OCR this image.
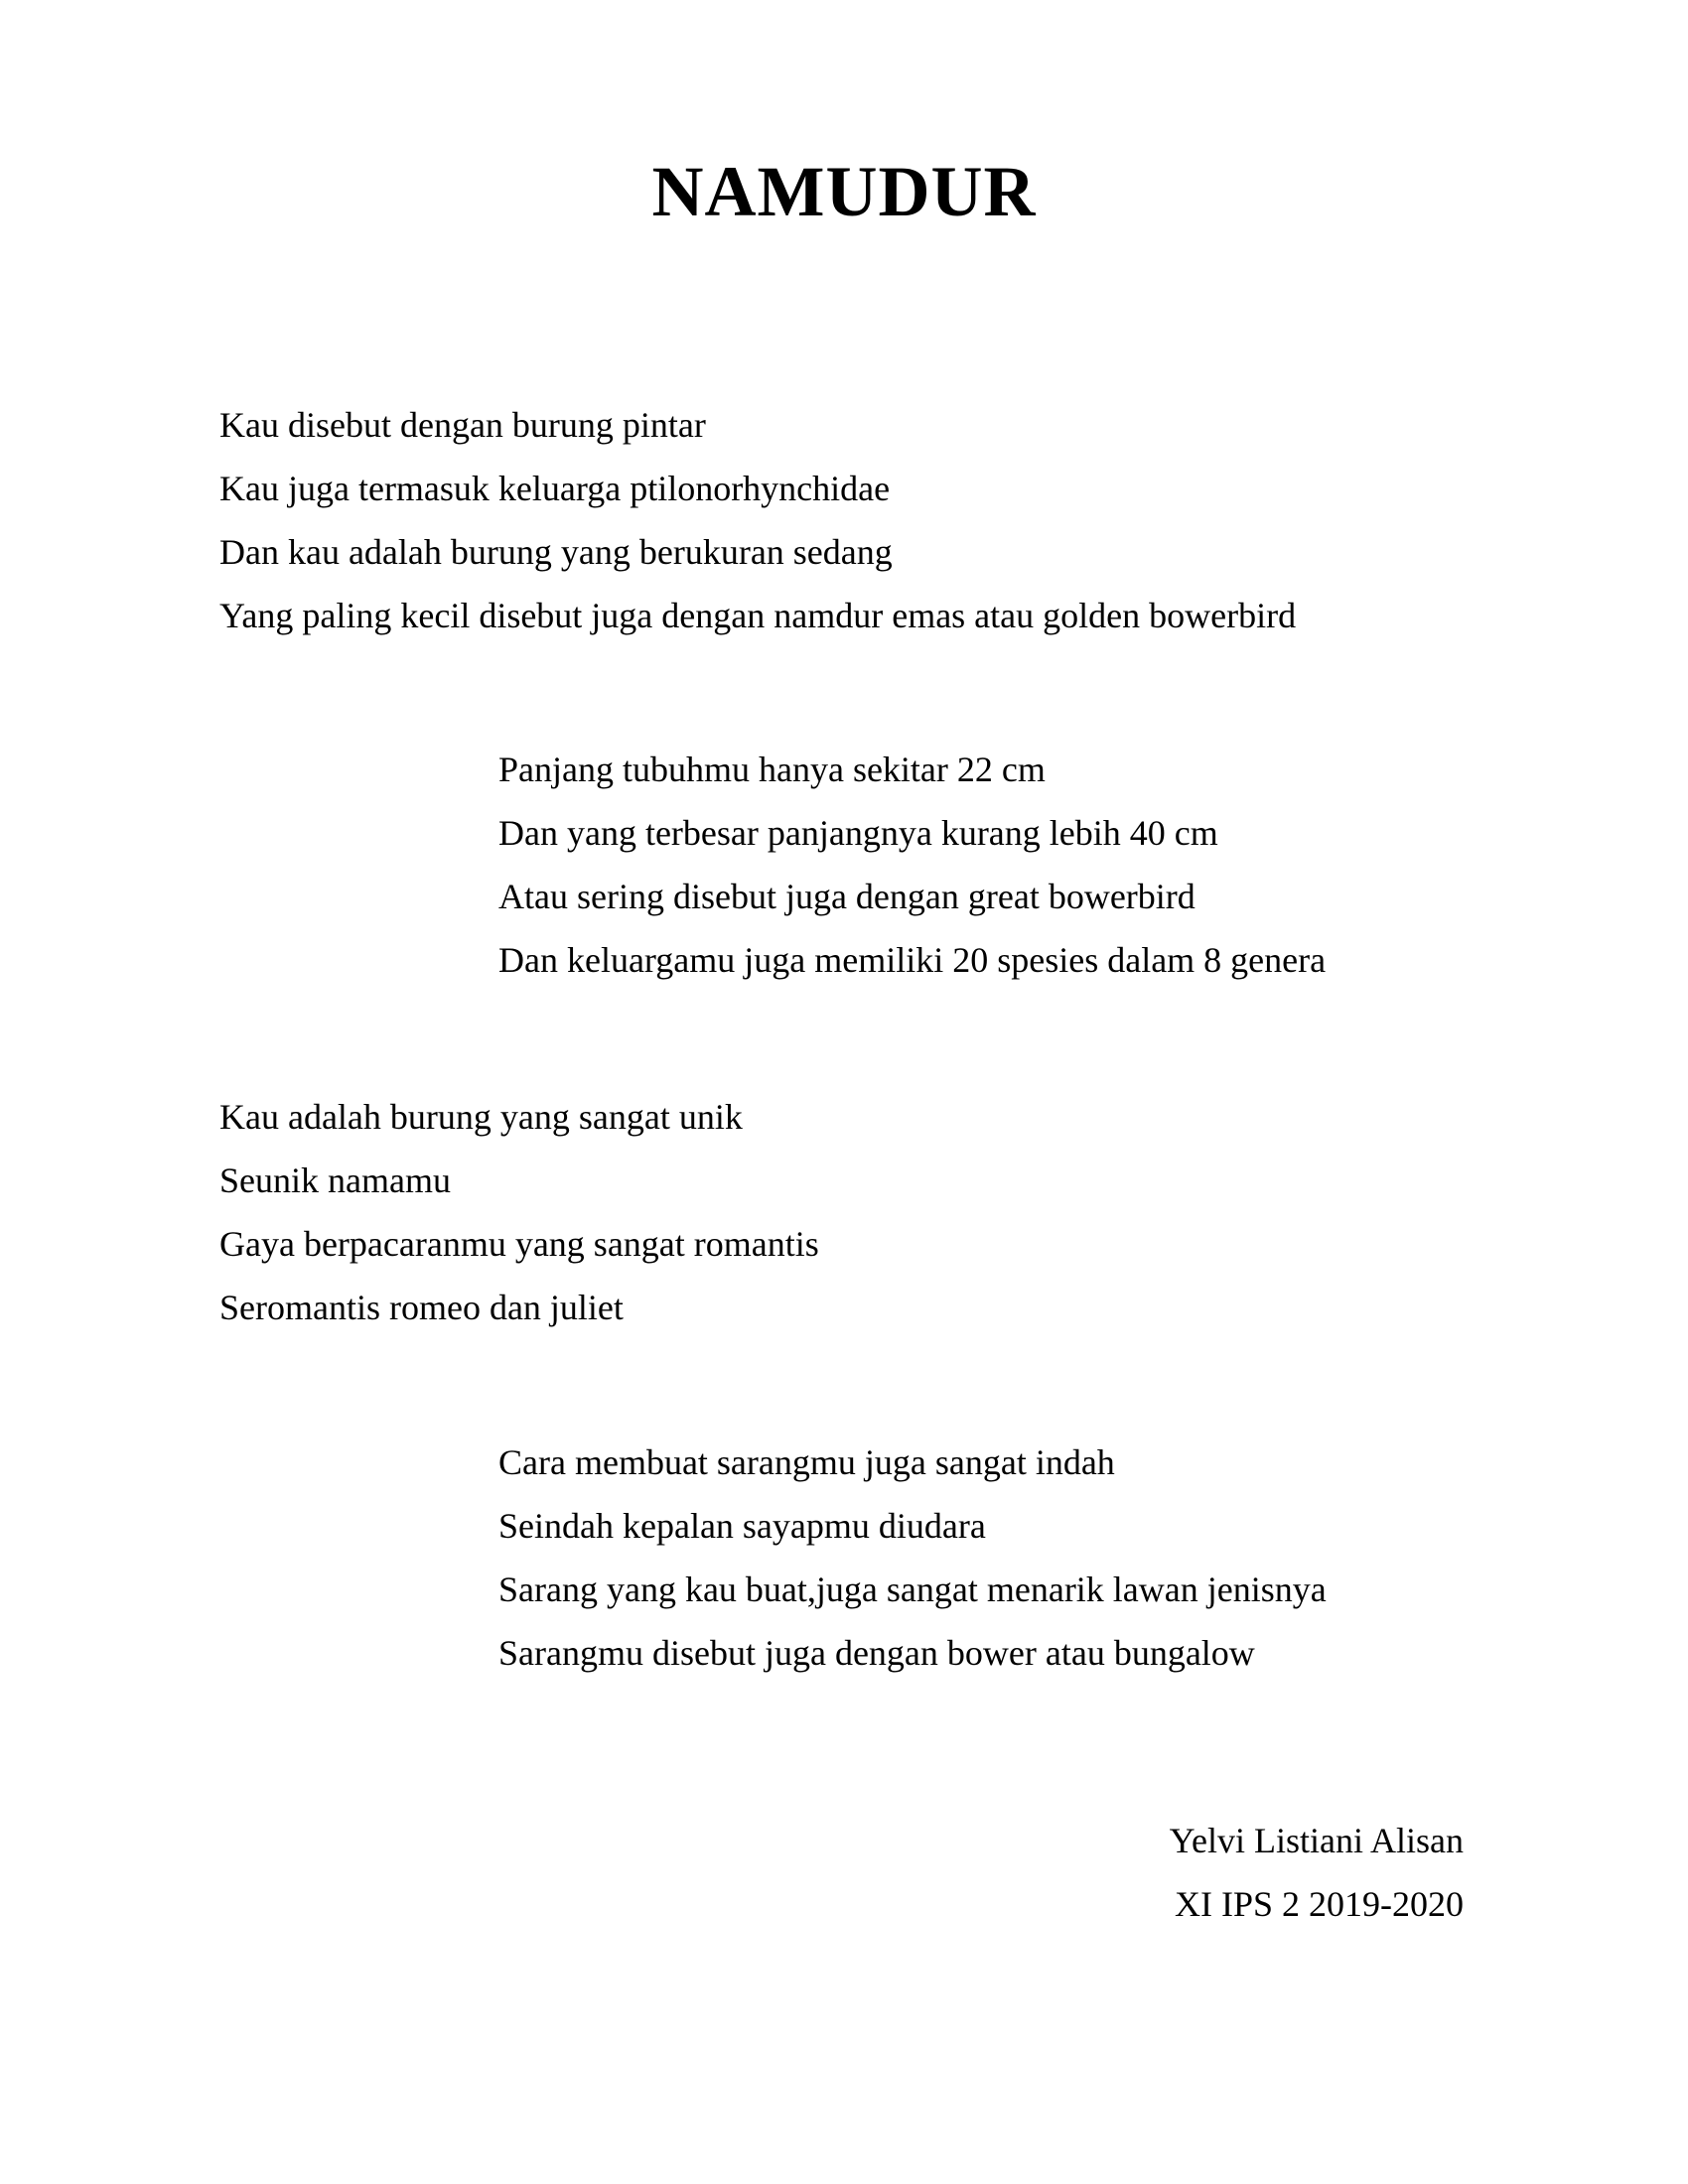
NAMUDUR
Kau disebut dengan burung pintar
Kau juga termasuk keluarga ptilonorhynchidae
Dan kau adalah burung yang berukuran sedang
Yang paling kecil disebut juga dengan namdur emas atau golden bowerbird
Panjang tubuhmu hanya sekitar 22 cm
Dan yang terbesar panjangnya kurang lebih 40 cm
Atau sering disebut juga dengan great bowerbird
Dan keluargamu juga memiliki 20 spesies dalam 8 genera
Kau adalah burung yang sangat unik
Seunik namamu
Gaya berpacaranmu yang sangat romantis
Seromantis romeo dan juliet
Cara membuat sarangmu juga sangat indah
Seindah kepalan sayapmu diudara
Sarang yang kau buat,juga sangat menarik lawan jenisnya
Sarangmu disebut juga dengan bower atau bungalow
Yelvi Listiani Alisan
XI IPS 2 2019-2020
